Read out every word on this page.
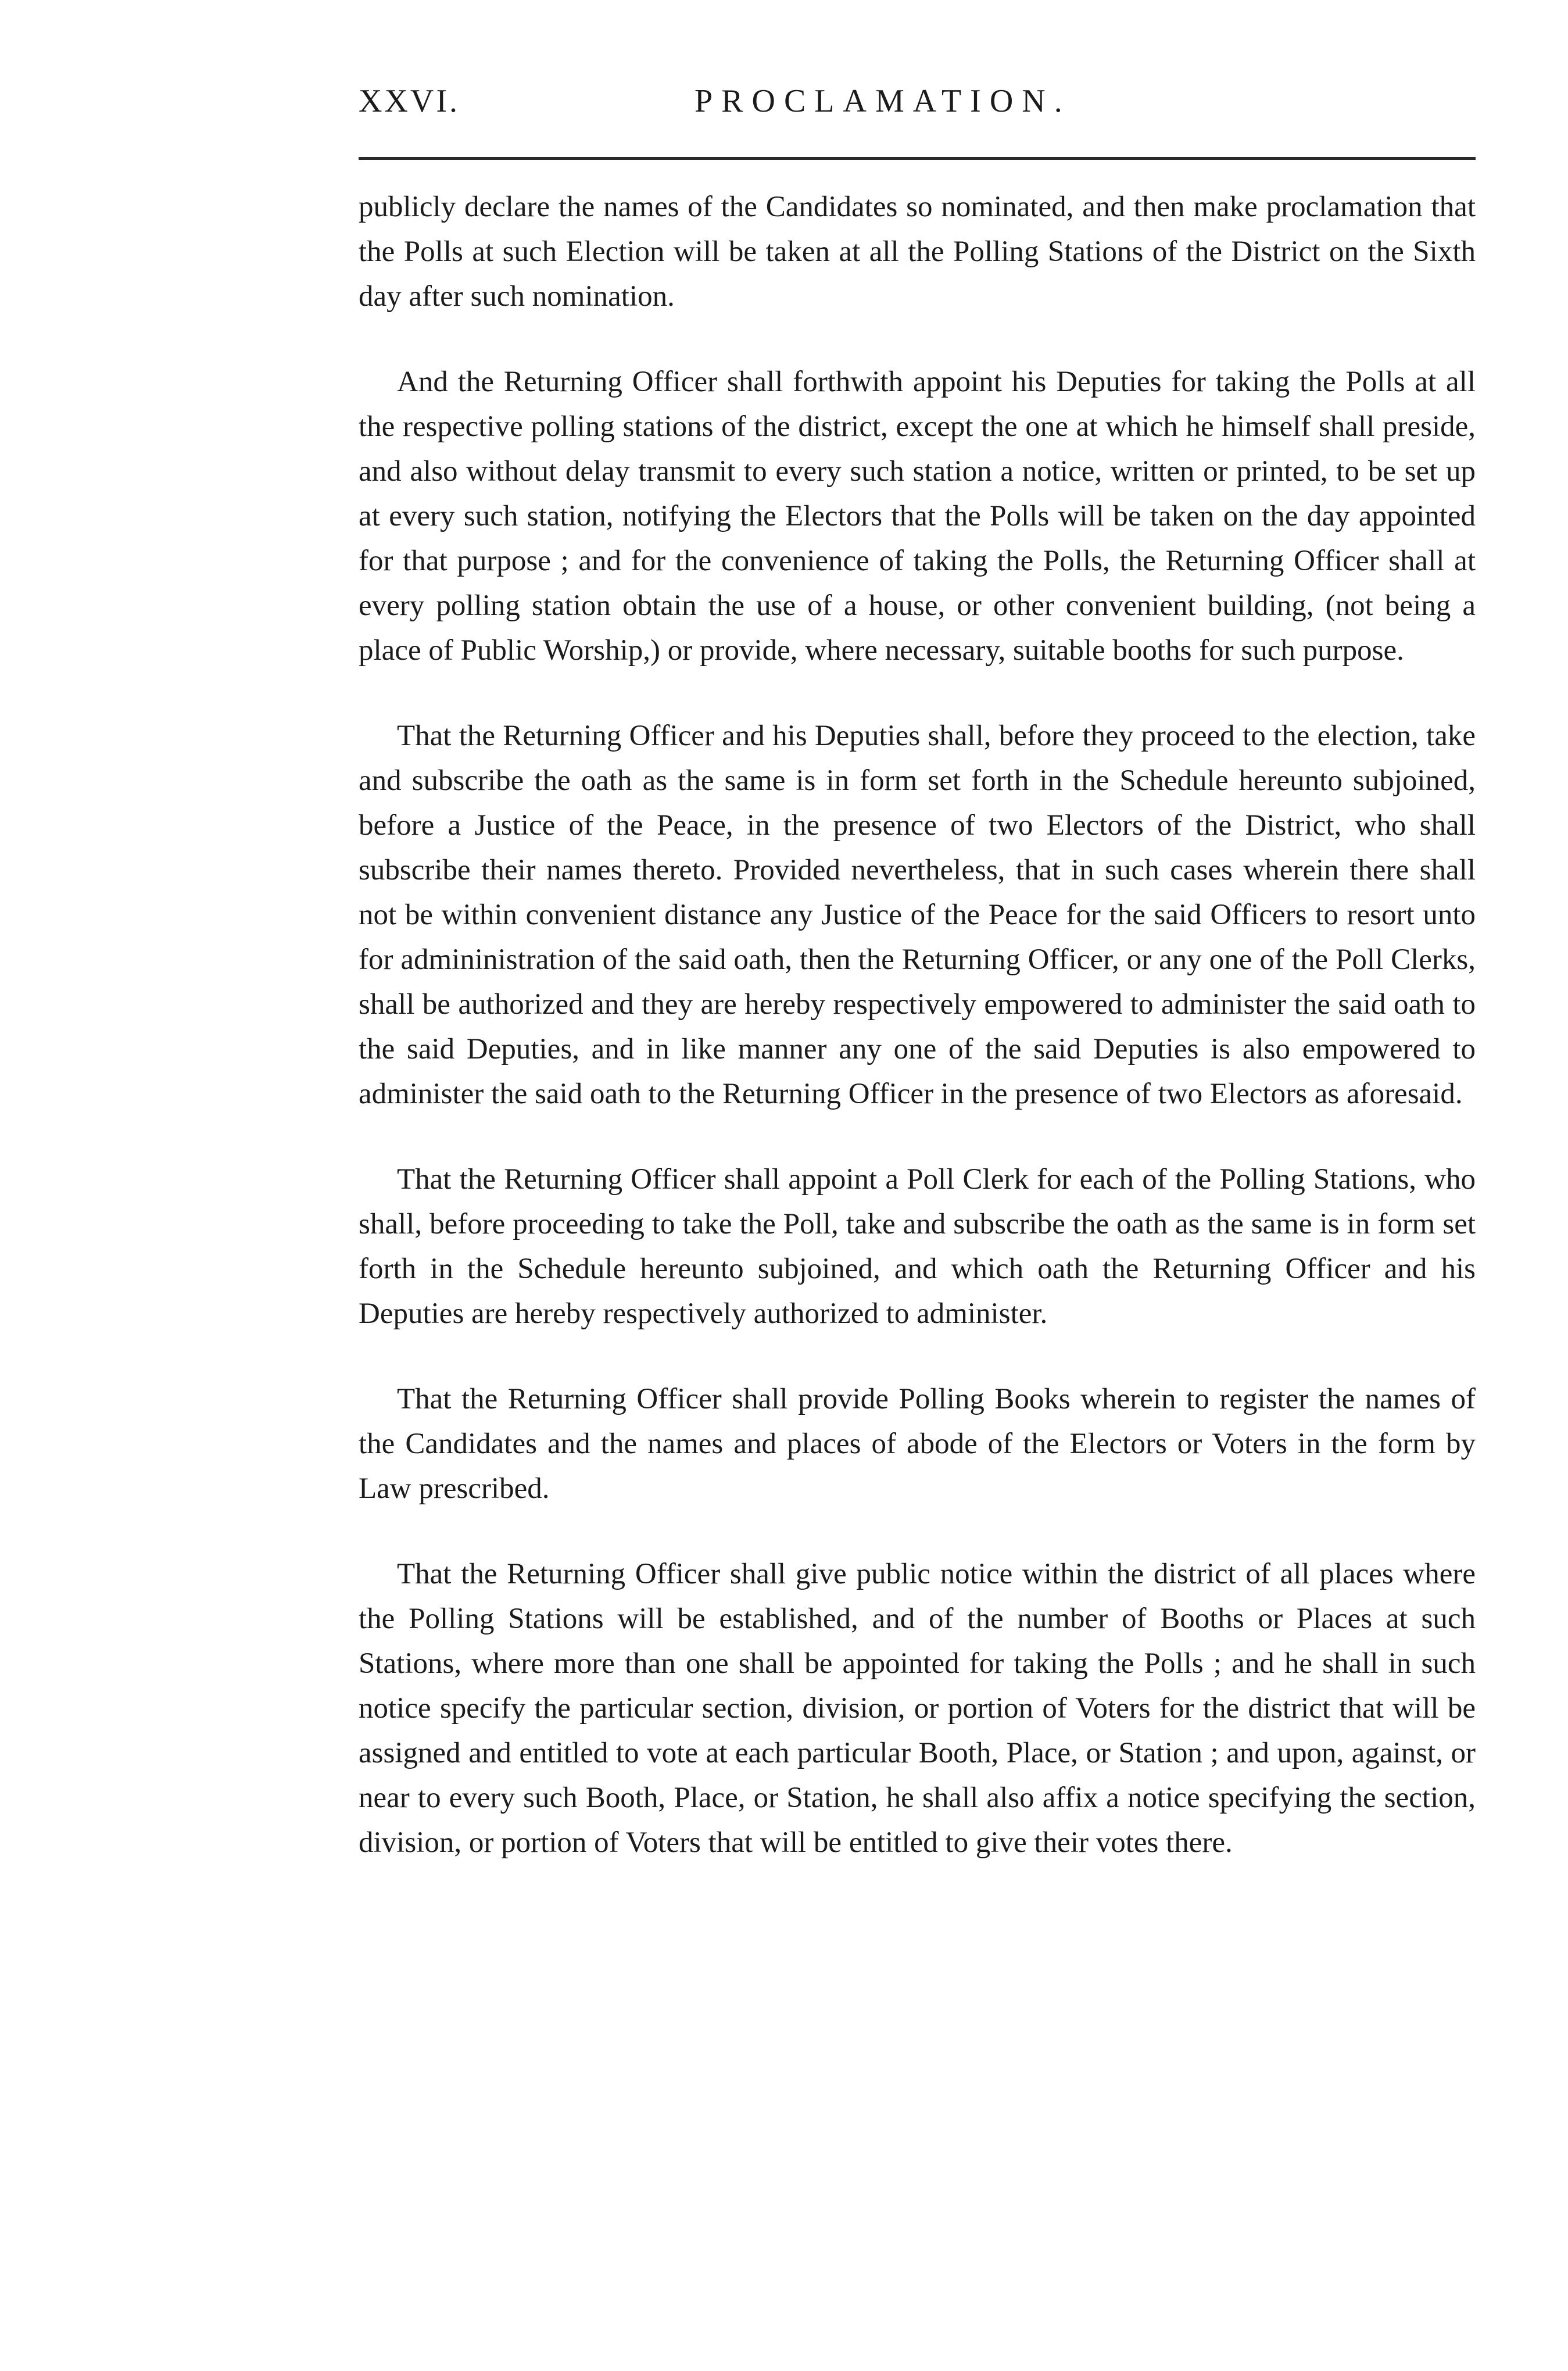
XXVI.	PROCLAMATION.

publicly declare the names of the Candidates so nominated, and then make proclamation that the Polls at such Election will be taken at all the Polling Stations of the District on the Sixth day after such nomination.

And the Returning Officer shall forthwith appoint his Deputies for taking the Polls at all the respective polling stations of the district, except the one at which he himself shall preside, and also without delay transmit to every such station a notice, written or printed, to be set up at every such station, notifying the Electors that the Polls will be taken on the day appointed for that purpose ; and for the convenience of taking the Polls, the Returning Officer shall at every polling station obtain the use of a house, or other convenient building, (not being a place of Public Worship,) or provide, where necessary, suitable booths for such purpose.

That the Returning Officer and his Deputies shall, before they proceed to the election, take and subscribe the oath as the same is in form set forth in the Schedule hereunto subjoined, before a Justice of the Peace, in the presence of two Electors of the District, who shall subscribe their names thereto. Provided nevertheless, that in such cases wherein there shall not be within convenient distance any Justice of the Peace for the said Officers to resort unto for admininistration of the said oath, then the Returning Officer, or any one of the Poll Clerks, shall be authorized and they are hereby respectively empowered to administer the said oath to the said Deputies, and in like manner any one of the said Deputies is also empowered to administer the said oath to the Returning Officer in the presence of two Electors as aforesaid.

That the Returning Officer shall appoint a Poll Clerk for each of the Polling Stations, who shall, before proceeding to take the Poll, take and subscribe the oath as the same is in form set forth in the Schedule hereunto subjoined, and which oath the Returning Officer and his Deputies are hereby respectively authorized to administer.

That the Returning Officer shall provide Polling Books wherein to register the names of the Candidates and the names and places of abode of the Electors or Voters in the form by Law prescribed.

That the Returning Officer shall give public notice within the district of all places where the Polling Stations will be established, and of the number of Booths or Places at such Stations, where more than one shall be appointed for taking the Polls ; and he shall in such notice specify the particular section, division, or portion of Voters for the district that will be assigned and entitled to vote at each particular Booth, Place, or Station ; and upon, against, or near to every such Booth, Place, or Station, he shall also affix a notice specifying the section, division, or portion of Voters that will be entitled to give their votes there.
